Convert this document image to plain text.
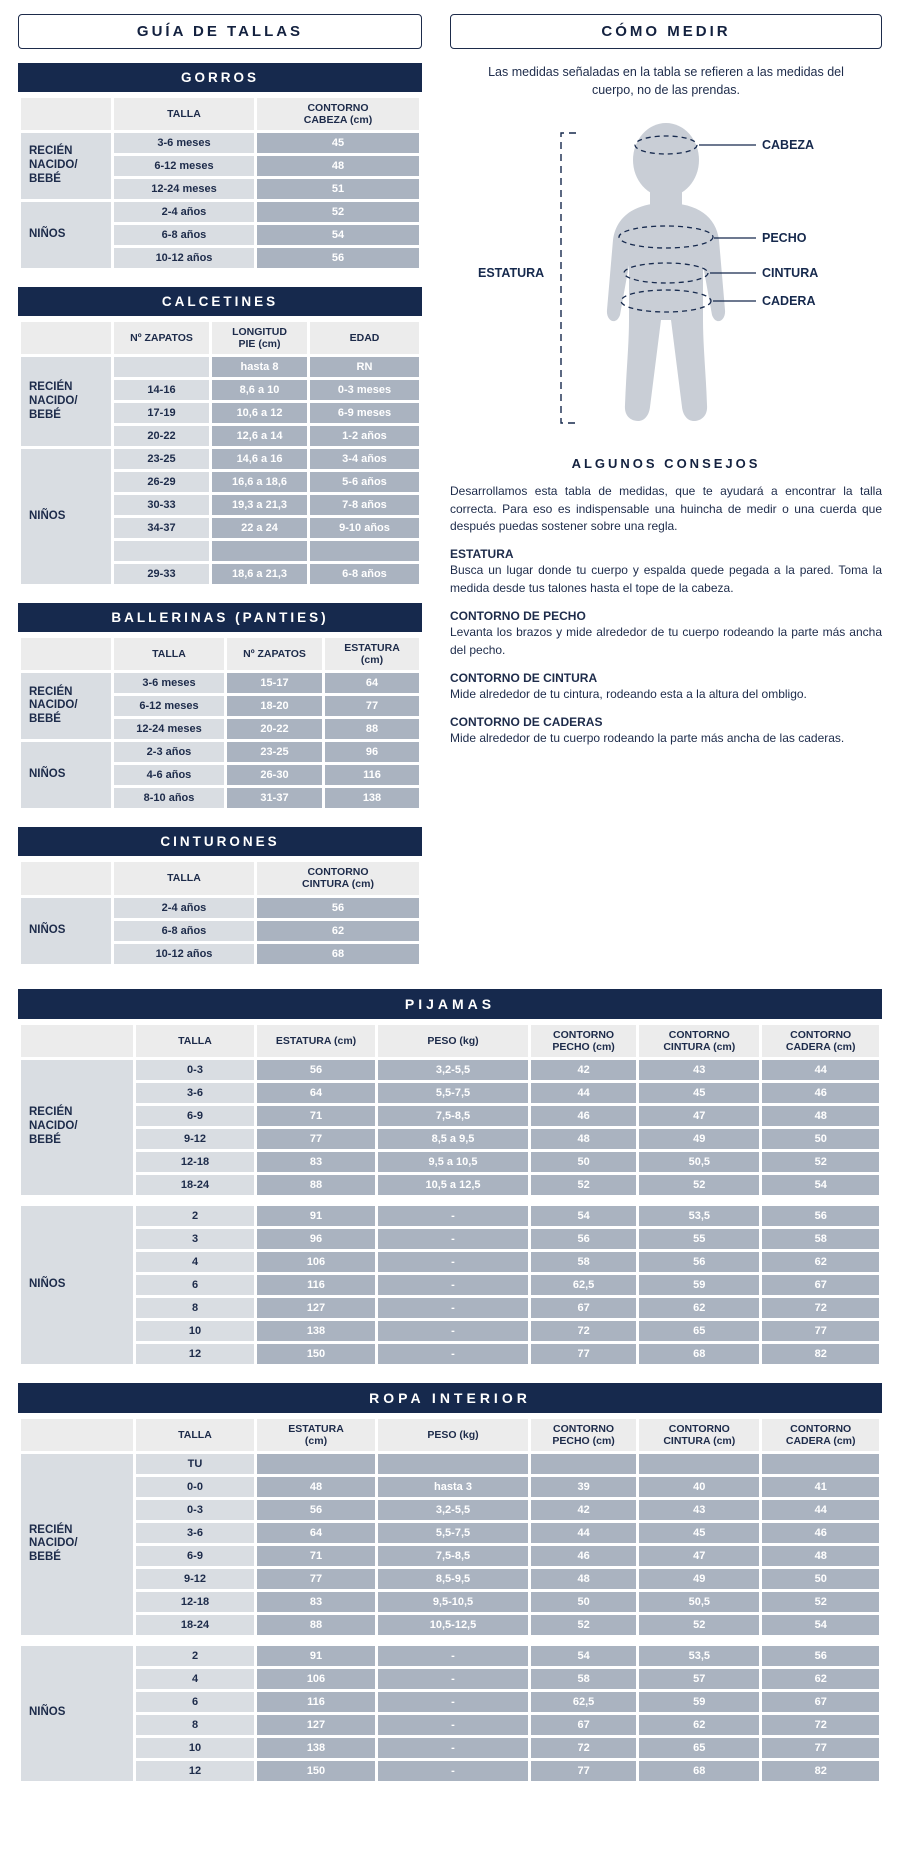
GUÍA DE TALLAS
GORROS
	TALLA	CONTORNO
CABEZA (cm)
RECIÉN
NACIDO/
BEBÉ	3-6 meses	45
	6-12 meses	48
	12-24 meses	51
NIÑOS	2-4 años	52
	6-8 años	54
	10-12 años	56
CALCETINES
	Nº ZAPATOS	LONGITUD
PIE (cm)	EDAD
RECIÉN
NACIDO/
BEBÉ		hasta 8	RN
	14-16	8,6 a 10	0-3 meses
	17-19	10,6 a 12	6-9 meses
	20-22	12,6 a 14	1-2 años
NIÑOS	23-25	14,6 a 16	3-4 años
	26-29	16,6 a 18,6	5-6 años
	30-33	19,3 a 21,3	7-8 años
	34-37	22 a 24	9-10 años

	29-33	18,6 a 21,3	6-8 años
BALLERINAS (PANTIES)
	TALLA	Nº ZAPATOS	ESTATURA
(cm)
RECIÉN
NACIDO/
BEBÉ	3-6 meses	15-17	64
	6-12 meses	18-20	77
	12-24 meses	20-22	88
NIÑOS	2-3 años	23-25	96
	4-6 años	26-30	116
	8-10 años	31-37	138
CINTURONES
	TALLA	CONTORNO
CINTURA (cm)
NIÑOS	2-4 años	56
	6-8 años	62
	10-12 años	68
CÓMO MEDIR
Las medidas señaladas en la tabla se refieren a las medidas del cuerpo, no de las prendas.
CABEZA
PECHO
CINTURA
CADERA
ESTATURA
ALGUNOS CONSEJOS
Desarrollamos esta tabla de medidas, que te ayudará a encontrar la talla correcta. Para eso es indispensable una huincha de medir o una cuerda que después puedas sostener sobre una regla.
ESTATURA
Busca un lugar donde tu cuerpo y espalda quede pegada a la pared. Toma la medida desde tus talones hasta el tope de la cabeza.
CONTORNO DE PECHO
Levanta los brazos y mide alrededor de tu cuerpo rodeando la parte más ancha del pecho.
CONTORNO DE CINTURA
Mide alrededor de tu cintura, rodeando esta a la altura del ombligo.
CONTORNO DE CADERAS
Mide alrededor de tu cuerpo rodeando la parte más ancha de las caderas.
PIJAMAS
	TALLA	ESTATURA (cm)	PESO (kg)	CONTORNO
PECHO (cm)	CONTORNO
CINTURA (cm)	CONTORNO
CADERA (cm)
RECIÉN
NACIDO/
BEBÉ	0-3	56	3,2-5,5	42	43	44
	3-6	64	5,5-7,5	44	45	46
	6-9	71	7,5-8,5	46	47	48
	9-12	77	8,5 a 9,5	48	49	50
	12-18	83	9,5 a 10,5	50	50,5	52
	18-24	88	10,5 a 12,5	52	52	54

NIÑOS	2	91	-	54	53,5	56
	3	96	-	56	55	58
	4	106	-	58	56	62
	6	116	-	62,5	59	67
	8	127	-	67	62	72
	10	138	-	72	65	77
	12	150	-	77	68	82
ROPA INTERIOR
	TALLA	ESTATURA
(cm)	PESO (kg)	CONTORNO
PECHO (cm)	CONTORNO
CINTURA (cm)	CONTORNO
CADERA (cm)
RECIÉN
NACIDO/
BEBÉ	TU					
	0-0	48	hasta 3	39	40	41
	0-3	56	3,2-5,5	42	43	44
	3-6	64	5,5-7,5	44	45	46
	6-9	71	7,5-8,5	46	47	48
	9-12	77	8,5-9,5	48	49	50
	12-18	83	9,5-10,5	50	50,5	52
	18-24	88	10,5-12,5	52	52	54

NIÑOS	2	91	-	54	53,5	56
	4	106	-	58	57	62
	6	116	-	62,5	59	67
	8	127	-	67	62	72
	10	138	-	72	65	77
	12	150	-	77	68	82
